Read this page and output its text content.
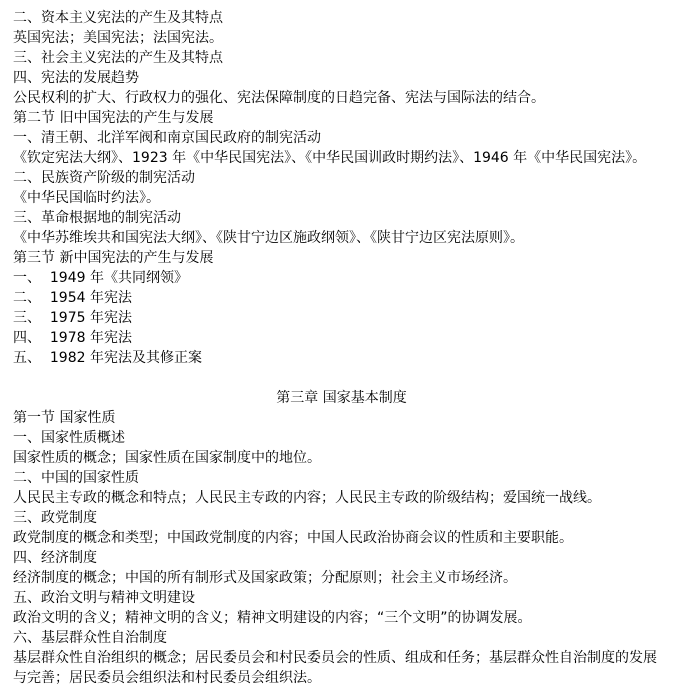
二、资本主义宪法的产生及其特点
英国宪法；美国宪法；法国宪法。
三、社会主义宪法的产生及其特点
四、宪法的发展趋势
公民权利的扩大、行政权力的强化、宪法保障制度的日趋完备、宪法与国际法的结合。
第二节 旧中国宪法的产生与发展
一、清王朝、北洋军阀和南京国民政府的制宪活动
《钦定宪法大纲》、1923 年《中华民国宪法》、《中华民国训政时期约法》、1946 年《中华民国宪法》。
二、民族资产阶级的制宪活动
《中华民国临时约法》。
三、革命根据地的制宪活动
《中华苏维埃共和国宪法大纲》、《陕甘宁边区施政纲领》、《陕甘宁边区宪法原则》。
第三节 新中国宪法的产生与发展
一、  1949 年《共同纲领》
二、  1954 年宪法
三、  1975 年宪法
四、  1978 年宪法
五、  1982 年宪法及其修正案

第三章 国家基本制度
第一节 国家性质
一、国家性质概述
国家性质的概念；国家性质在国家制度中的地位。
二、中国的国家性质
人民民主专政的概念和特点；人民民主专政的内容；人民民主专政的阶级结构；爱国统一战线。
三、政党制度
政党制度的概念和类型；中国政党制度的内容；中国人民政治协商会议的性质和主要职能。
四、经济制度
经济制度的概念；中国的所有制形式及国家政策；分配原则；社会主义市场经济。
五、政治文明与精神文明建设
政治文明的含义；精神文明的含义；精神文明建设的内容；“三个文明”的协调发展。
六、基层群众性自治制度
基层群众性自治组织的概念；居民委员会和村民委员会的性质、组成和任务；基层群众性自治制度的发展与完善；居民委员会组织法和村民委员会组织法。
